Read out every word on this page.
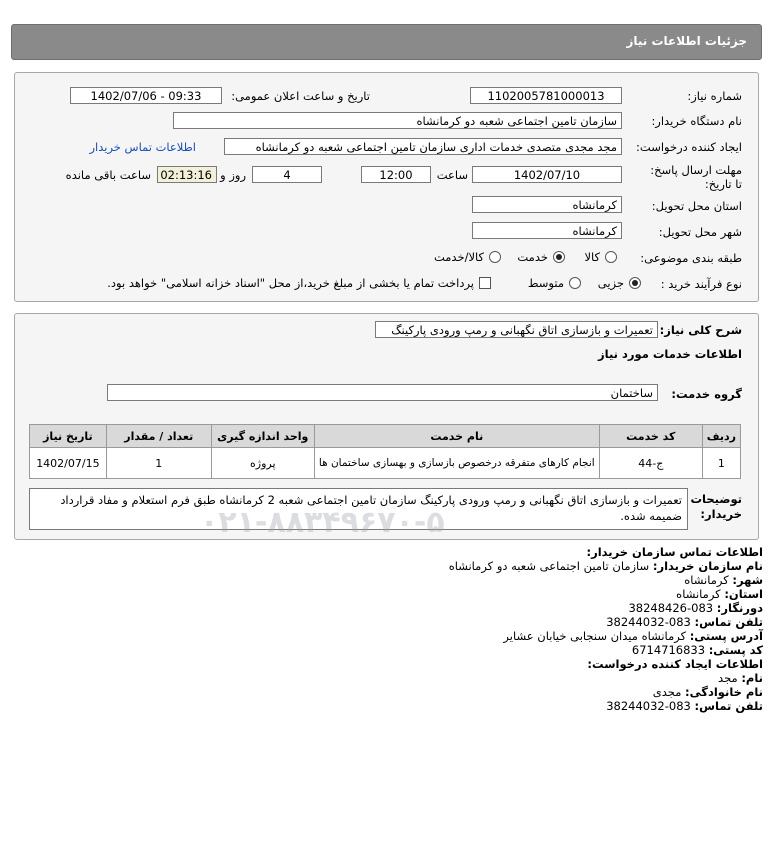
جزئیات اطلاعات نیاز
شماره نیاز:
1102005781000013
تاریخ و ساعت اعلان عمومی:
1402/07/06 - 09:33
نام دستگاه خریدار:
سازمان تامین اجتماعی شعبه دو کرمانشاه
ایجاد کننده درخواست:
مجد مجدی متصدی خدمات اداری سازمان تامین اجتماعی شعبه دو کرمانشاه
اطلاعات تماس خریدار
مهلت ارسال پاسخ: تا تاریخ:
1402/07/10
ساعت
12:00
4
روز و
02:13:16
ساعت باقی مانده
استان محل تحویل:
کرمانشاه
شهر محل تحویل:
کرمانشاه
طبقه بندی موضوعی:
کالا
خدمت
کالا/خدمت
نوع فرآیند خرید :
جزیی
متوسط
پرداخت تمام یا بخشی از مبلغ خرید،از محل "اسناد خزانه اسلامی" خواهد بود.
شرح کلی نیاز:
تعمیرات و بازسازی اتاق نگهبانی و رمپ ورودی پارکینگ
اطلاعات خدمات مورد نیاز
گروه خدمت:
ساختمان
ردیف	کد خدمت	نام خدمت	واحد اندازه گیری	تعداد / مقدار	تاریخ نیاز
1	ج-44	انجام کارهای متفرقه درخصوص بازسازی و بهسازی ساختمان ها	پروژه	1	1402/07/15
توضیحات خریدار:
تعمیرات و بازسازی اتاق نگهبانی و رمپ ورودی پارکینگ سازمان تامین اجتماعی شعبه 2 کرمانشاه طبق فرم استعلام و مفاد قرارداد ضمیمه شده.
۰۲۱-۸۸۳۴۹۶۷۰-۵
اطلاعات تماس سازمان خریدار:
نام سازمان خریدار: سازمان تامین اجتماعی شعبه دو کرمانشاه
شهر: کرمانشاه
استان: کرمانشاه
دورنگار: 083-38248426
تلفن تماس: 083-38244032
آدرس پستی: کرمانشاه میدان سنجابی خیابان عشایر
کد پستی: 6714716833
اطلاعات ایجاد کننده درخواست:
نام: مجد
نام خانوادگی: مجدی
تلفن تماس: 083-38244032
